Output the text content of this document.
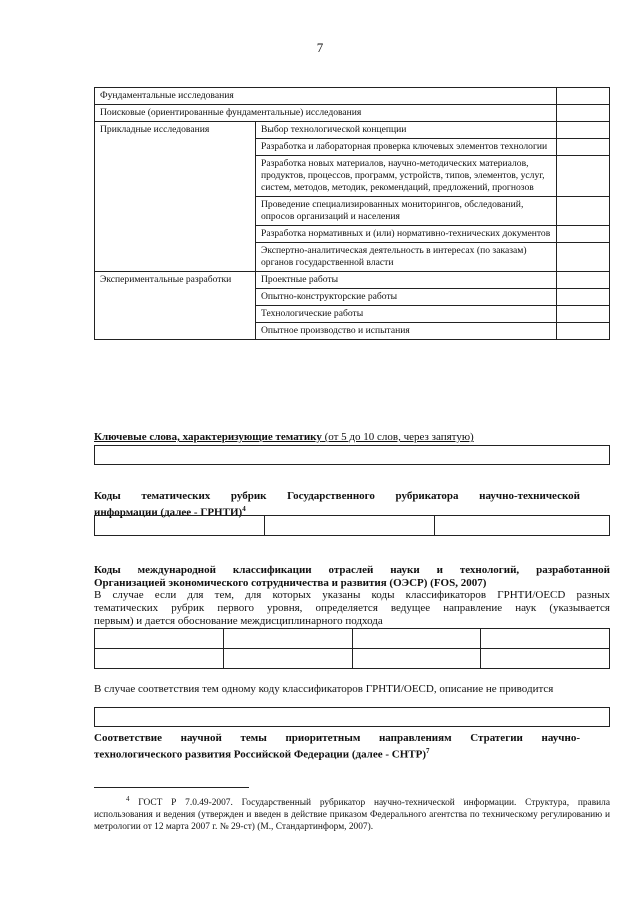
7
Фундаментальные исследования		
Поисковые (ориентированные фундаментальные) исследования		
Прикладные исследования	Выбор технологической концепции	
	Разработка и лабораторная проверка ключевых элементов технологии	
	Разработка новых материалов, научно-методических материалов, продуктов, процессов, программ, устройств, типов, элементов, услуг, систем, методов, методик, рекомендаций, предложений, прогнозов	
	Проведение специализированных мониторингов, обследований, опросов организаций и населения	
	Разработка нормативных и (или) нормативно-технических документов	
	Экспертно-аналитическая деятельность в интересах (по заказам) органов государственной власти	
Экспериментальные разработки	Проектные работы	
	Опытно-конструкторские работы	
	Технологические работы	
	Опытное производство и испытания	
Ключевые слова, характеризующие тематику (от 5 до 10 слов, через запятую)
Коды тематических рубрик Государственного рубрикатора научно-технической
информации (далее - ГРНТИ)$^4$

Коды международной классификации отраслей науки и технологий, разработанной
Организацией экономического сотрудничества и развития (ОЭСР) (FOS, 2007)
В случае если для тем, для которых указаны коды классификаторов ГРНТИ/OECD разных
тематических рубрик первого уровня, определяется ведущее направление наук (указывается
первым) и дается обоснование междисциплинарного подхода

В случае соответствия тем одному коду классификаторов ГРНТИ/OECD, описание не приводится
Соответствие научной темы приоритетным направлениям Стратегии научно-
технологического развития Российской Федерации (далее - СНТР)$^7$
$^4$ ГОСТ Р 7.0.49-2007. Государственный рубрикатор научно-технической информации. Структура, правила использования и ведения (утвержден и введен в действие приказом Федерального агентства по техническому регулированию и метрологии от 12 марта 2007 г. № 29-ст) (М., Стандартинформ, 2007).
